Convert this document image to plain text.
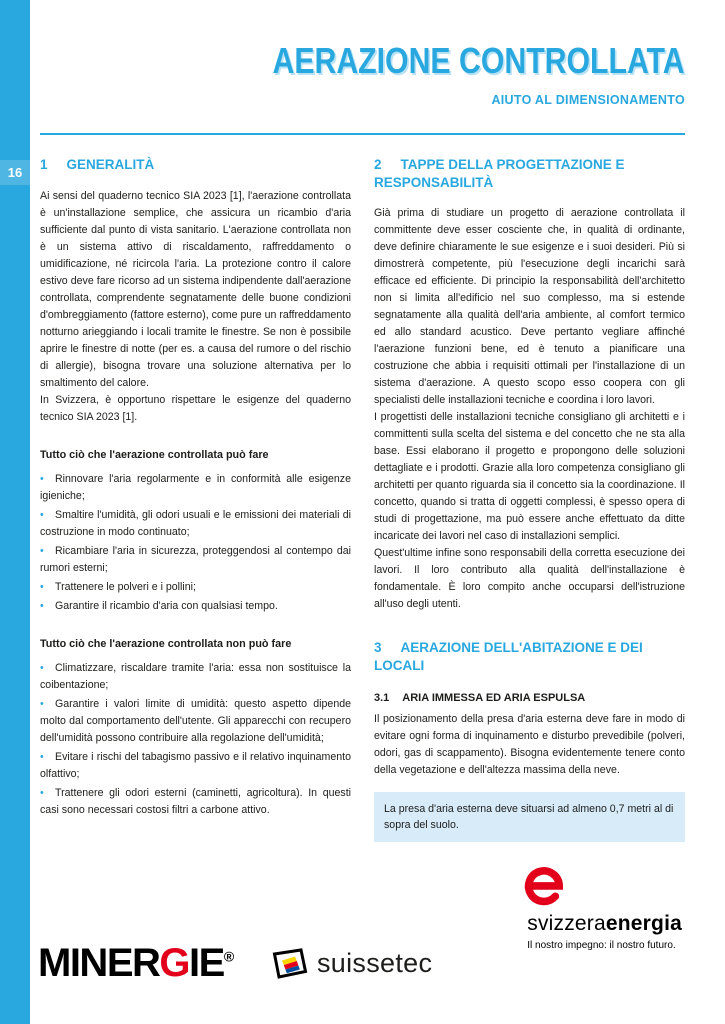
16
AERAZIONE CONTROLLATA
AIUTO AL DIMENSIONAMENTO
1 GENERALITÀ

Ai sensi del quaderno tecnico SIA 2023 [1], l'aerazione controllata è un'installazione semplice, che assicura un ricambio d'aria sufficiente dal punto di vista sanitario. L'aerazione controllata non è un sistema attivo di riscaldamento, raffreddamento o umidificazione, né ricircola l'aria. La protezione contro il calore estivo deve fare ricorso ad un sistema indipendente dall'aerazione controllata, comprendente segnatamente delle buone condizioni d'ombreggiamento (fattore esterno), come pure un raffreddamento notturno arieggiando i locali tramite le finestre. Se non è possibile aprire le finestre di notte (per es. a causa del rumore o del rischio di allergie), bisogna trovare una soluzione alternativa per lo smaltimento del calore.

In Svizzera, è opportuno rispettare le esigenze del quaderno tecnico SIA 2023 [1].

Tutto ciò che l'aerazione controllata può fare
• Rinnovare l'aria regolarmente e in conformità alle esigenze igieniche;
• Smaltire l'umidità, gli odori usuali e le emissioni dei materiali di costruzione in modo continuato;
• Ricambiare l'aria in sicurezza, proteggendosi al contempo dai rumori esterni;
• Trattenere le polveri e i pollini;
• Garantire il ricambio d'aria con qualsiasi tempo.
Tutto ciò che l'aerazione controllata non può fare
• Climatizzare, riscaldare tramite l'aria: essa non sostituisce la coibentazione;
• Garantire i valori limite di umidità: questo aspetto dipende molto dal comportamento dell'utente. Gli apparecchi con recupero dell'umidità possono contribuire alla regolazione dell'umidità;
• Evitare i rischi del tabagismo passivo e il relativo inquinamento olfattivo;
• Trattenere gli odori esterni (caminetti, agricoltura). In questi casi sono necessari costosi filtri a carbone attivo.
2 TAPPE DELLA PROGETTAZIONE E RESPONSABILITÀ

Già prima di studiare un progetto di aerazione controllata il committente deve esser cosciente che, in qualità di ordinante, deve definire chiaramente le sue esigenze e i suoi desideri. Più si dimostrerà competente, più l'esecuzione degli incarichi sarà efficace ed efficiente. Di principio la responsabilità dell'architetto non si limita all'edificio nel suo complesso, ma si estende segnatamente alla qualità dell'aria ambiente, al comfort termico ed allo standard acustico. Deve pertanto vegliare affinché l'aerazione funzioni bene, ed è tenuto a pianificare una costruzione che abbia i requisiti ottimali per l'installazione di un sistema d'aerazione. A questo scopo esso coopera con gli specialisti delle installazioni tecniche e coordina i loro lavori.

I progettisti delle installazioni tecniche consigliano gli architetti e i committenti sulla scelta del sistema e del concetto che ne sta alla base. Essi elaborano il progetto e propongono delle soluzioni dettagliate e i prodotti. Grazie alla loro competenza consigliano gli architetti per quanto riguarda sia il concetto sia la coordinazione. Il concetto, quando si tratta di oggetti complessi, è spesso opera di studi di progettazione, ma può essere anche effettuato da ditte incaricate dei lavori nel caso di installazioni semplici.

Quest'ultime infine sono responsabili della corretta esecuzione dei lavori. Il loro contributo alla qualità dell'installazione è fondamentale. È loro compito anche occuparsi dell'istruzione all'uso degli utenti.

3 AERAZIONE DELL'ABITAZIONE E DEI LOCALI
3.1 ARIA IMMESSA ED ARIA ESPULSA

Il posizionamento della presa d'aria esterna deve fare in modo di evitare ogni forma di inquinamento e disturbo prevedibile (polveri, odori, gas di scappamento). Bisogna evidentemente tenere conto della vegetazione e dell'altezza massima della neve.

La presa d'aria esterna deve situarsi ad almeno 0,7 metri al di sopra del suolo.
svizzeraenergia
Il nostro impegno: il nostro futuro.
MINERGIE®	suissetec
